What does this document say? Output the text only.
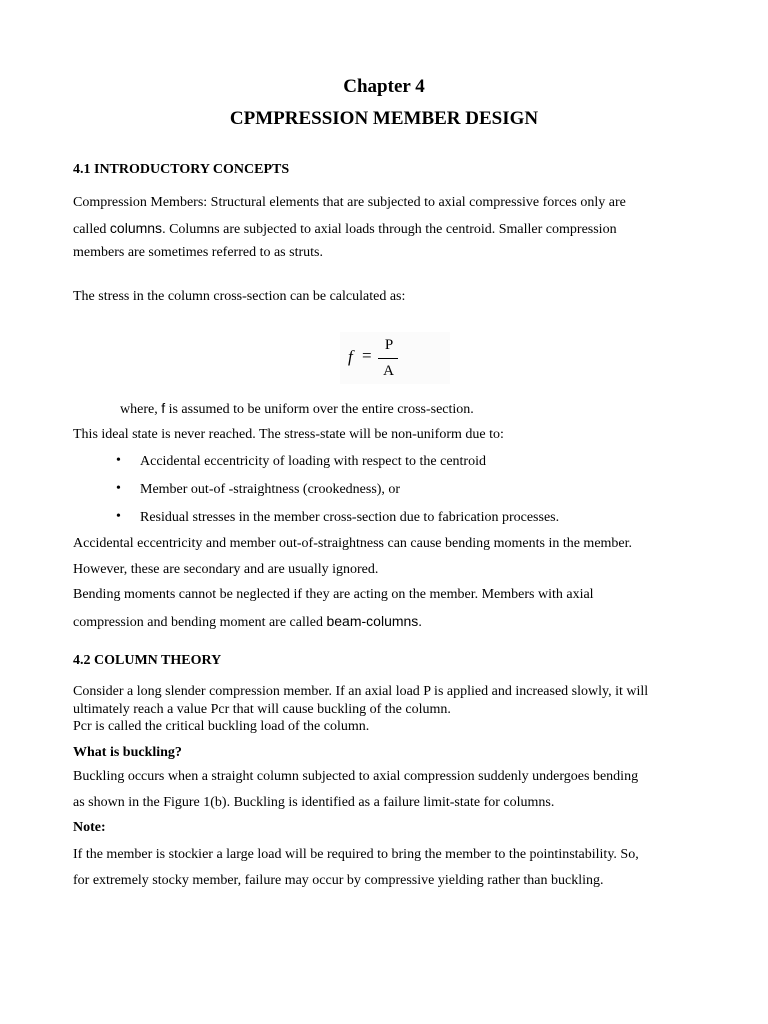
Chapter 4
CPMPRESSION MEMBER DESIGN
4.1 INTRODUCTORY CONCEPTS
Compression Members: Structural elements that are subjected to axial compressive forces only are
called columns. Columns are subjected to axial loads through the centroid. Smaller compression
members are sometimes referred to as struts.
The stress in the column cross-section can be calculated as:
f =
P
A
where, f is assumed to be uniform over the entire cross-section.
This ideal state is never reached. The stress-state will be non-uniform due to:
• Accidental eccentricity of loading with respect to the centroid
• Member out-of -straightness (crookedness), or
• Residual stresses in the member cross-section due to fabrication processes.
Accidental eccentricity and member out-of-straightness can cause bending moments in the member.
However, these are secondary and are usually ignored.
Bending moments cannot be neglected if they are acting on the member. Members with axial
compression and bending moment are called beam-columns.
4.2 COLUMN THEORY
Consider a long slender compression member. If an axial load P is applied and increased slowly, it will
ultimately reach a value Pcr that will cause buckling of the column.
Pcr is called the critical buckling load of the column.
What is buckling?
Buckling occurs when a straight column subjected to axial compression suddenly undergoes bending
as shown in the Figure 1(b). Buckling is identified as a failure limit-state for columns.
Note:
If the member is stockier a large load will be required to bring the member to the pointinstability. So,
for extremely stocky member, failure may occur by compressive yielding rather than buckling.
